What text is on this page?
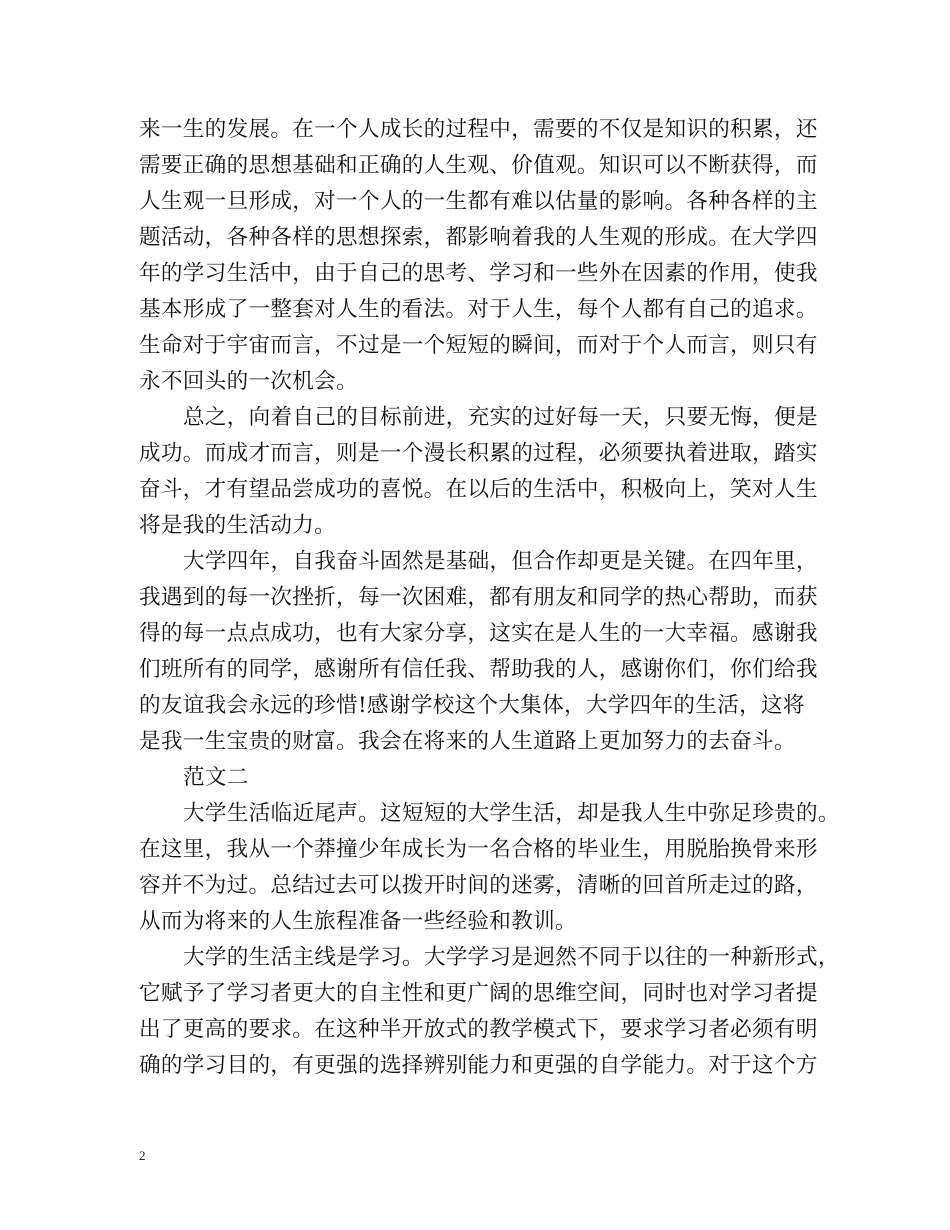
来一生的发展。在一个人成长的过程中，需要的不仅是知识的积累，还
需要正确的思想基础和正确的人生观、价值观。知识可以不断获得，而
人生观一旦形成，对一个人的一生都有难以估量的影响。各种各样的主
题活动，各种各样的思想探索，都影响着我的人生观的形成。在大学四
年的学习生活中，由于自己的思考、学习和一些外在因素的作用，使我
基本形成了一整套对人生的看法。对于人生，每个人都有自己的追求。
生命对于宇宙而言，不过是一个短短的瞬间，而对于个人而言，则只有
永不回头的一次机会。
总之，向着自己的目标前进，充实的过好每一天，只要无悔，便是
成功。而成才而言，则是一个漫长积累的过程，必须要执着进取，踏实
奋斗，才有望品尝成功的喜悦。在以后的生活中，积极向上，笑对人生
将是我的生活动力。
大学四年，自我奋斗固然是基础，但合作却更是关键。在四年里，
我遇到的每一次挫折，每一次困难，都有朋友和同学的热心帮助，而获
得的每一点点成功，也有大家分享，这实在是人生的一大幸福。感谢我
们班所有的同学，感谢所有信任我、帮助我的人，感谢你们，你们给我
的友谊我会永远的珍惜!感谢学校这个大集体，大学四年的生活，这将
是我一生宝贵的财富。我会在将来的人生道路上更加努力的去奋斗。
范文二
大学生活临近尾声。这短短的大学生活，却是我人生中弥足珍贵的。
在这里，我从一个莽撞少年成长为一名合格的毕业生，用脱胎换骨来形
容并不为过。总结过去可以拨开时间的迷雾，清晰的回首所走过的路，
从而为将来的人生旅程准备一些经验和教训。
大学的生活主线是学习。大学学习是迥然不同于以往的一种新形式，
它赋予了学习者更大的自主性和更广阔的思维空间，同时也对学习者提
出了更高的要求。在这种半开放式的教学模式下，要求学习者必须有明
确的学习目的，有更强的选择辨别能力和更强的自学能力。对于这个方
2
